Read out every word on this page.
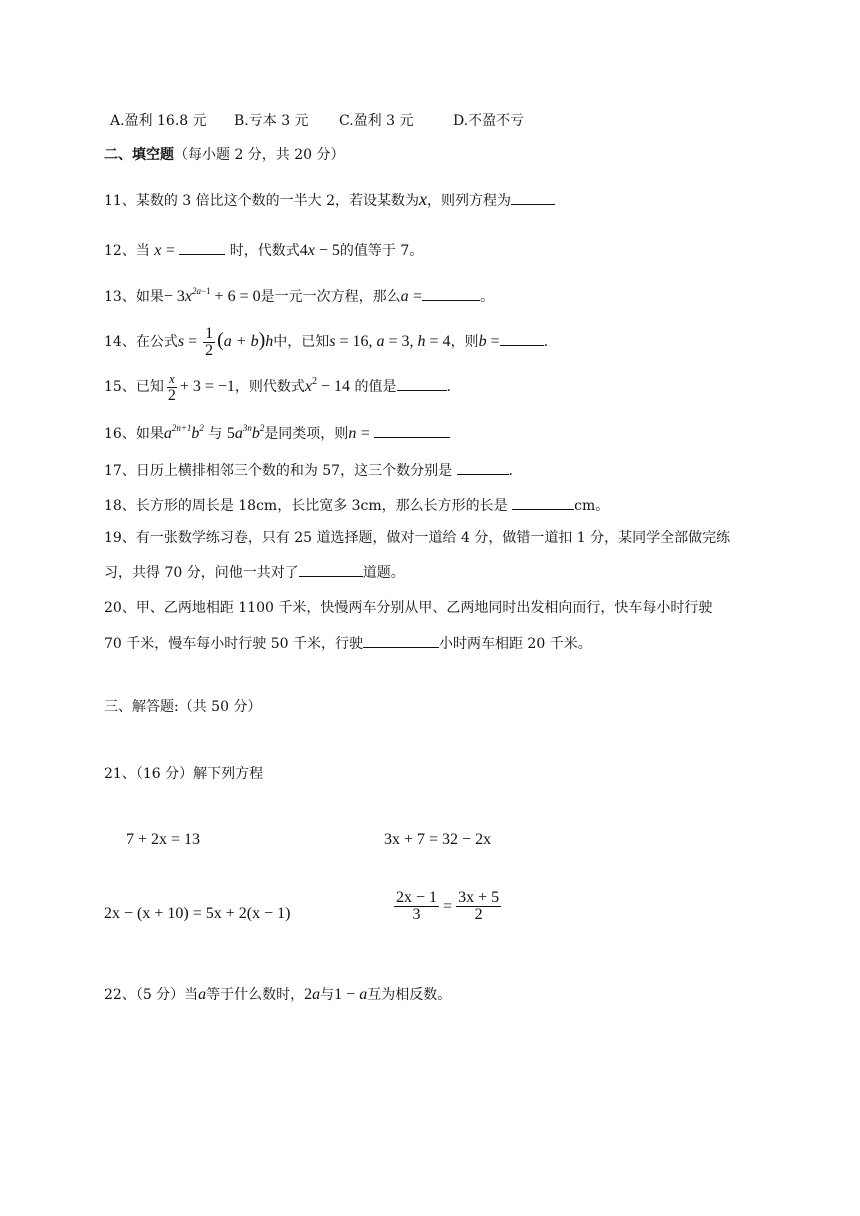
A.盈利 16.8 元 B.亏本 3 元 C.盈利 3 元	D.不盈不亏
二、填空题（每小题 2 分，共 20 分）
11、某数的 3 倍比这个数的一半大 2，若设某数为x，则列方程为
12、当 x =	时，代数式4x − 5的值等于 7。
13、如果− $3x^{2a-1} + 6 = 0$是一元一次方程，那么a =	。
14、在公式$s = \frac{1}{2} (a + b)h$中，已知s = 16, a = 3, h = 4，则b =	.
15、已知 $\frac{x}{2} + 3 = -1$，则代数式$x^2 - 14$ 的值是	.
16、如果$a^{2n+1}b^2$ 与 $5a^{3n}b^2$是同类项，则n =
17、日历上横排相邻三个数的和为 57，这三个数分别是	.
18、长方形的周长是 18cm，长比宽多 3cm，那么长方形的长是	cm。
19、有一张数学练习卷，只有 25 道选择题，做对一道给 4 分，做错一道扣 1 分，某同学全部做完练
习，共得 70 分，问他一共对了	道题。
20、甲、乙两地相距 1100 千米，快慢两车分别从甲、乙两地同时出发相向而行，快车每小时行驶
70 千米，慢车每小时行驶 50 千米，行驶	小时两车相距 20 千米。
三、解答题:（共 50 分）
21、（16 分）解下列方程
7 + 2x = 13	3x + 7 = 32 − 2x
2x − (x + 10) = 5x + 2(x − 1)	$\frac{2x - 1}{3} = \frac{3x + 5}{2}$
22、（5 分）当a等于什么数时，2a与1 − a互为相反数。
